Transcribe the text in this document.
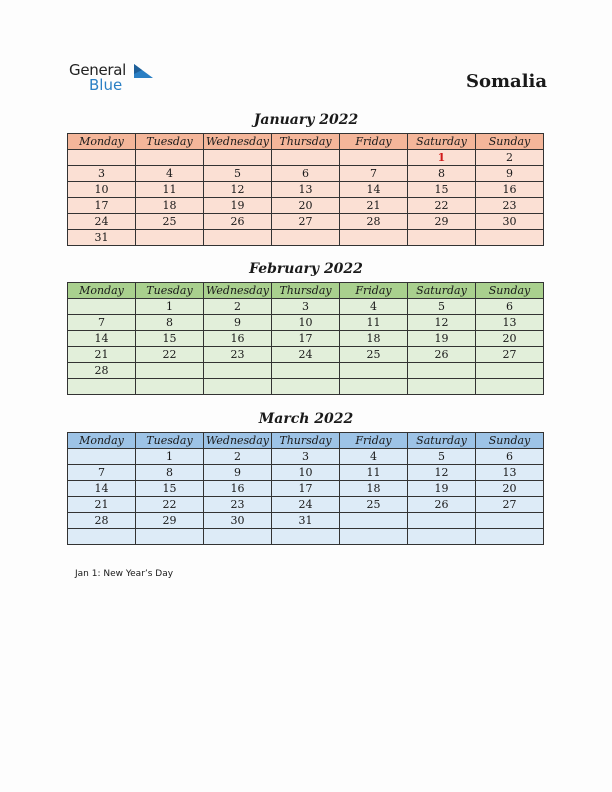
General
Blue	Somalia
January 2022
Monday	Tuesday	Wednesday	Thursday	Friday	Saturday	Sunday
					1	2
3	4	5	6	7	8	9
10	11	12	13	14	15	16
17	18	19	20	21	22	23
24	25	26	27	28	29	30
31						
February 2022
Monday	Tuesday	Wednesday	Thursday	Friday	Saturday	Sunday
	1	2	3	4	5	6
7	8	9	10	11	12	13
14	15	16	17	18	19	20
21	22	23	24	25	26	27
28						

March 2022
Monday	Tuesday	Wednesday	Thursday	Friday	Saturday	Sunday
	1	2	3	4	5	6
7	8	9	10	11	12	13
14	15	16	17	18	19	20
21	22	23	24	25	26	27
28	29	30	31			

Jan 1: New Year’s Day
